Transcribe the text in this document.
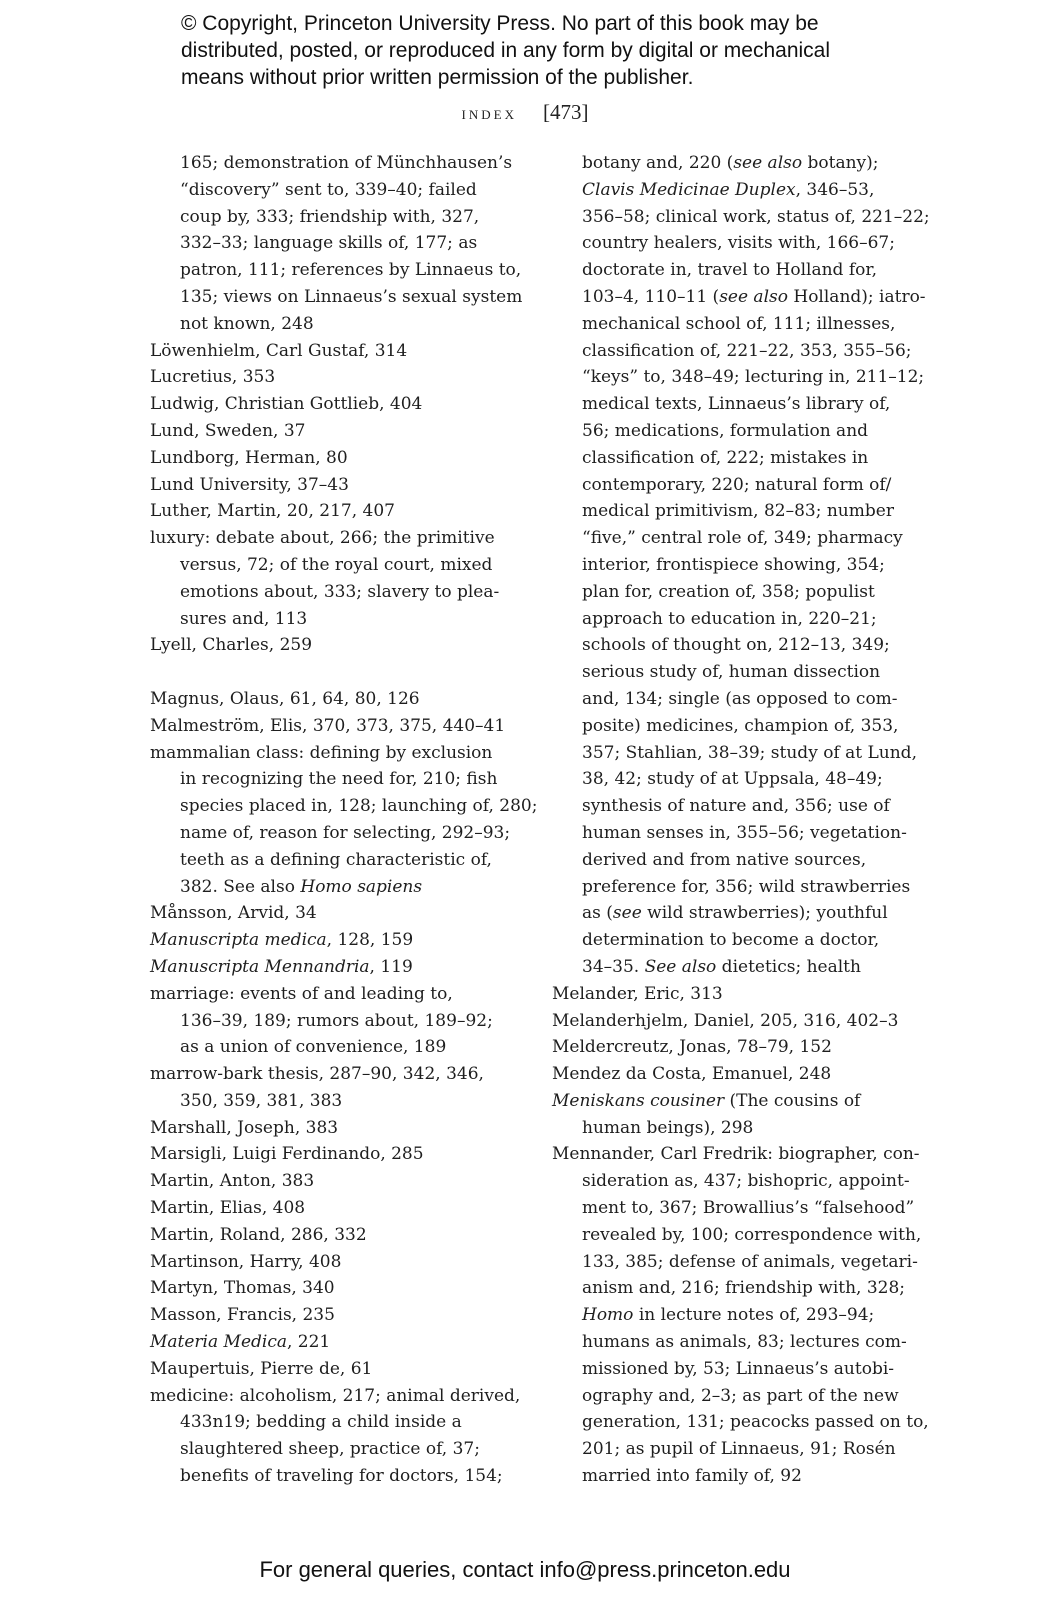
© Copyright, Princeton University Press. No part of this book may be
distributed, posted, or reproduced in any form by digital or mechanical
means without prior written permission of the publisher.
index [473]
165; demonstration of Münchhausen’s
“discovery” sent to, 339–40; failed
coup by, 333; friendship with, 327,
332–33; language skills of, 177; as
patron, 111; references by Linnaeus to,
135; views on Linnaeus’s sexual system
not known, 248
Löwenhielm, Carl Gustaf, 314
Lucretius, 353
Ludwig, Christian Gottlieb, 404
Lund, Sweden, 37
Lundborg, Herman, 80
Lund University, 37–43
Luther, Martin, 20, 217, 407
luxury: debate about, 266; the primitive
versus, 72; of the royal court, mixed
emotions about, 333; slavery to plea-
sures and, 113
Lyell, Charles, 259
Magnus, Olaus, 61, 64, 80, 126
Malmeström, Elis, 370, 373, 375, 440–41
mammalian class: defining by exclusion
in recognizing the need for, 210; fish
species placed in, 128; launching of, 280;
name of, reason for selecting, 292–93;
teeth as a defining characteristic of,
382. See also Homo sapiens
Månsson, Arvid, 34
Manuscripta medica, 128, 159
Manuscripta Mennandria, 119
marriage: events of and leading to,
136–39, 189; rumors about, 189–92;
as a union of convenience, 189
marrow-bark thesis, 287–90, 342, 346,
350, 359, 381, 383
Marshall, Joseph, 383
Marsigli, Luigi Ferdinando, 285
Martin, Anton, 383
Martin, Elias, 408
Martin, Roland, 286, 332
Martinson, Harry, 408
Martyn, Thomas, 340
Masson, Francis, 235
Materia Medica, 221
Maupertuis, Pierre de, 61
medicine: alcoholism, 217; animal derived,
433n19; bedding a child inside a
slaughtered sheep, practice of, 37;
benefits of traveling for doctors, 154;
botany and, 220 (see also botany);
Clavis Medicinae Duplex, 346–53,
356–58; clinical work, status of, 221–22;
country healers, visits with, 166–67;
doctorate in, travel to Holland for,
103–4, 110–11 (see also Holland); iatro-
mechanical school of, 111; illnesses,
classification of, 221–22, 353, 355–56;
“keys” to, 348–49; lecturing in, 211–12;
medical texts, Linnaeus’s library of,
56; medications, formulation and
classification of, 222; mistakes in
contemporary, 220; natural form of/
medical primitivism, 82–83; number
“five,” central role of, 349; pharmacy
interior, frontispiece showing, 354;
plan for, creation of, 358; populist
approach to education in, 220–21;
schools of thought on, 212–13, 349;
serious study of, human dissection
and, 134; single (as opposed to com-
posite) medicines, champion of, 353,
357; Stahlian, 38–39; study of at Lund,
38, 42; study of at Uppsala, 48–49;
synthesis of nature and, 356; use of
human senses in, 355–56; vegetation-
derived and from native sources,
preference for, 356; wild strawberries
as (see wild strawberries); youthful
determination to become a doctor,
34–35. See also dietetics; health
Melander, Eric, 313
Melanderhjelm, Daniel, 205, 316, 402–3
Meldercreutz, Jonas, 78–79, 152
Mendez da Costa, Emanuel, 248
Meniskans cousiner (The cousins of
human beings), 298
Mennander, Carl Fredrik: biographer, con-
sideration as, 437; bishopric, appoint-
ment to, 367; Browallius’s “falsehood”
revealed by, 100; correspondence with,
133, 385; defense of animals, vegetari-
anism and, 216; friendship with, 328;
Homo in lecture notes of, 293–94;
humans as animals, 83; lectures com-
missioned by, 53; Linnaeus’s autobi-
ography and, 2–3; as part of the new
generation, 131; peacocks passed on to,
201; as pupil of Linnaeus, 91; Rosén
married into family of, 92
For general queries, contact info@press.princeton.edu
